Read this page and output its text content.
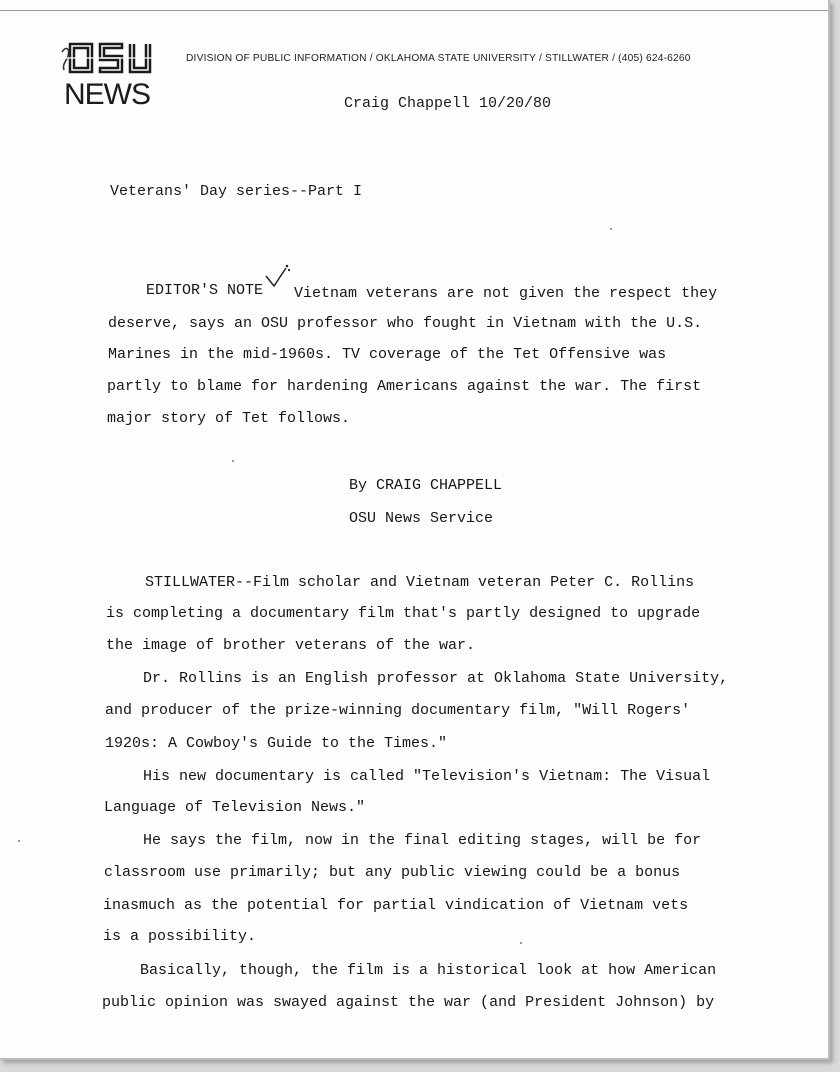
NEWS
DIVISION OF PUBLIC INFORMATION / OKLAHOMA STATE UNIVERSITY / STILLWATER / (405) 624-6260
Craig Chappell 10/20/80
Veterans' Day series--Part I
EDITOR'S NOTE Vietnam veterans are not given the respect they
deserve, says an OSU professor who fought in Vietnam with the U.S.
Marines in the mid-1960s. TV coverage of the Tet Offensive was
partly to blame for hardening Americans against the war. The first
major story of Tet follows.
By CRAIG CHAPPELL
OSU News Service
STILLWATER--Film scholar and Vietnam veteran Peter C. Rollins
is completing a documentary film that's partly designed to upgrade
the image of brother veterans of the war.
Dr. Rollins is an English professor at Oklahoma State University,
and producer of the prize-winning documentary film, "Will Rogers'
1920s: A Cowboy's Guide to the Times."
His new documentary is called "Television's Vietnam: The Visual
Language of Television News."
He says the film, now in the final editing stages, will be for
classroom use primarily; but any public viewing could be a bonus
inasmuch as the potential for partial vindication of Vietnam vets
is a possibility.
Basically, though, the film is a historical look at how American
public opinion was swayed against the war (and President Johnson) by
